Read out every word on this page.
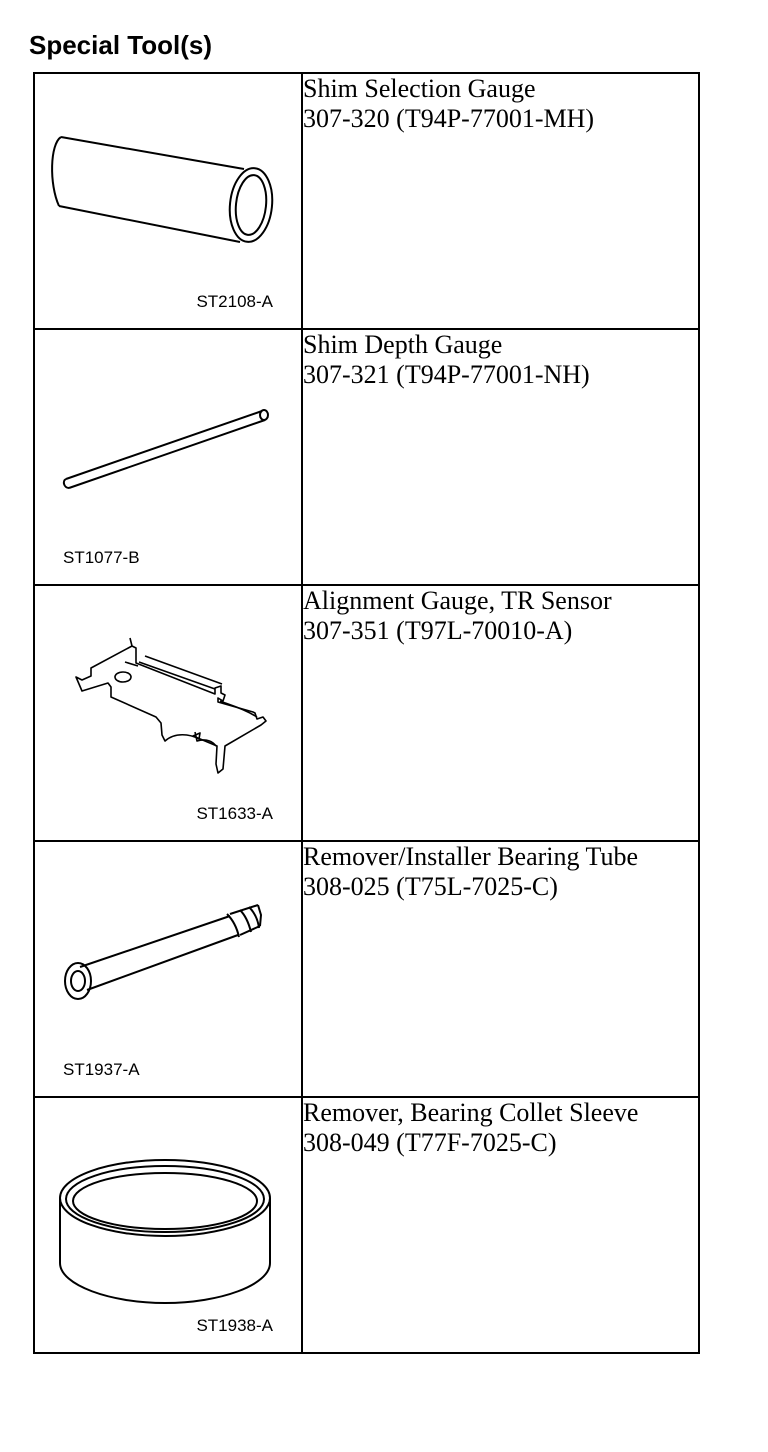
Special Tool(s)
ST2108-A	Shim Selection Gauge
307-320 (T94P-77001-MH)

ST1077-B	Shim Depth Gauge
307-321 (T94P-77001-NH)

ST1633-A	Alignment Gauge, TR Sensor
307-351 (T97L-70010-A)

ST1937-A	Remover/Installer Bearing Tube
308-025 (T75L-7025-C)

ST1938-A	Remover, Bearing Collet Sleeve
308-049 (T77F-7025-C)
